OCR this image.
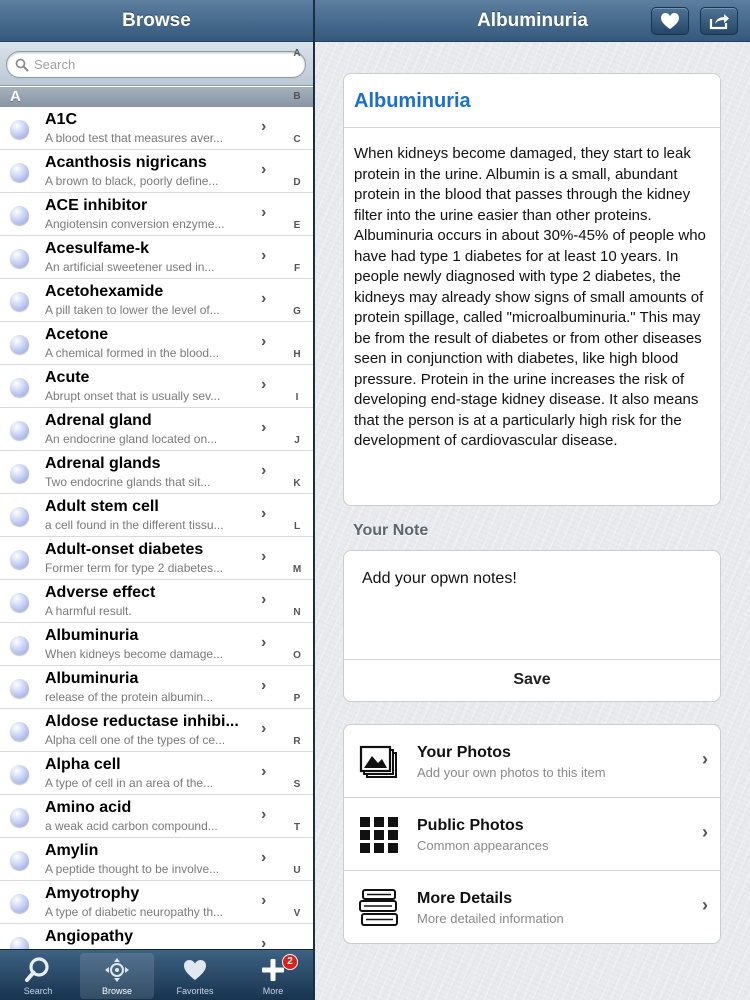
Browse
Search
A
A1C
A blood test that measures aver...
›
Acanthosis nigricans
A brown to black, poorly define...
›
ACE inhibitor
Angiotensin conversion enzyme...
›
Acesulfame-k
An artificial sweetener used in...
›
Acetohexamide
A pill taken to lower the level of...
›
Acetone
A chemical formed in the blood...
›
Acute
Abrupt onset that is usually sev...
›
Adrenal gland
An endocrine gland located on...
›
Adrenal glands
Two endocrine glands that sit...
›
Adult stem cell
a cell found in the different tissu...
›
Adult-onset diabetes
Former term for type 2 diabetes...
›
Adverse effect
A harmful result.
›
Albuminuria
When kidneys become damage...
›
Albuminuria
release of the protein albumin...
›
Aldose reductase inhibi...
Alpha cell one of the types of ce...
›
Alpha cell
A type of cell in an area of the...
›
Amino acid
a weak acid carbon compound...
›
Amylin
A peptide thought to be involve...
›
Amyotrophy
A type of diabetic neuropathy th...
›
Angiopathy	›
A
B
C
D
E
F
G
H
I
J
K
L
M
N
O
P
R
S
T
U
V
Search	Browse	Favorites	More
2
Albuminuria
When kidneys become damaged, they start to leak protein in the urine. Albumin is a small, abundant protein in the blood that passes through the kidney filter into the urine easier than other proteins. Albuminuria occurs in about 30%-45% of people who have had type 1 diabetes for at least 10 years. In people newly diagnosed with type 2 diabetes, the kidneys may already show signs of small amounts of protein spillage, called "microalbuminuria." This may be from the result of diabetes or from other diseases seen in conjunction with diabetes, like high blood pressure. Protein in the urine increases the risk of developing end-stage kidney disease. It also means that the person is at a particularly high risk for the development of cardiovascular disease.
Your Note
Add your opwn notes!
Save
Your Photos
Add your own photos to this item
›
Public Photos
Common appearances
›
More Details
More detailed information
›
Albuminuria
